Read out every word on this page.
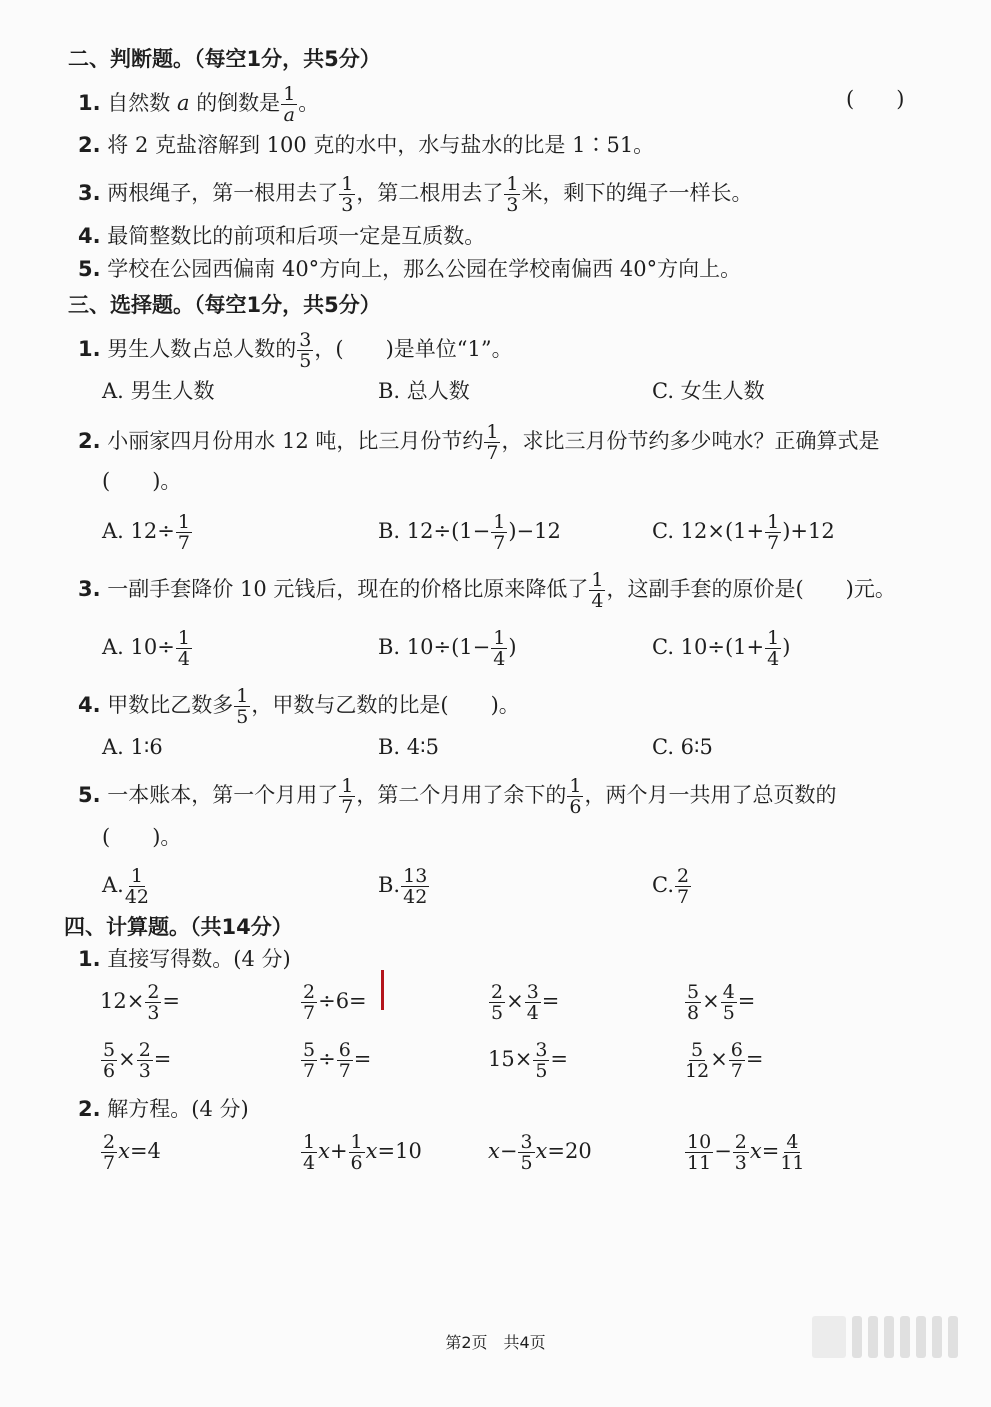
二、判断题。（每空1分，共5分）
1. 自然数 a 的倒数是 $\frac{1}{a}$ 。	(　　)
2. 将 2 克盐溶解到 100 克的水中，水与盐水的比是 1∶51。
3. 两根绳子，第一根用去了 $\frac{1}{3}$ ，第二根用去了 $\frac{1}{3}$ 米，剩下的绳子一样长。
4. 最简整数比的前项和后项一定是互质数。
5. 学校在公园西偏南 40°方向上，那么公园在学校南偏西 40°方向上。
三、选择题。（每空1分，共5分）
1. 男生人数占总人数的 $\frac{3}{5}$ ，(　　)是单位“1”。
A. 男生人数	B. 总人数	C. 女生人数
2. 小丽家四月份用水 12 吨，比三月份节约 $\frac{1}{7}$ ，求比三月份节约多少吨水？正确算式是
(　　)。
A. $12\div \frac{1}{7}$	B. $12\div(1- \frac{1}{7} )-12$	C. $12\times(1+ \frac{1}{7} )+12$
3. 一副手套降价 10 元钱后，现在的价格比原来降低了 $\frac{1}{4}$ ，这副手套的原价是(　　)元。
A. $10\div \frac{1}{4}$	B. $10\div(1- \frac{1}{4}$ )	C. $10\div(1+ \frac{1}{4}$ )
4. 甲数比乙数多 $\frac{1}{5}$ ，甲数与乙数的比是(　　)。
A. 1∶6	B. 4∶5	C. 6∶5
5. 一本账本，第一个月用了 $\frac{1}{7}$ ，第二个月用了余下的 $\frac{1}{6}$ ，两个月一共用了总页数的
(　　)。
A. $\frac{1}{42}$	B. $\frac{13}{42}$	C. $\frac{2}{7}$
四、计算题。（共14分）
1. 直接写得数。(4 分)
$12\times \frac{2}{3}$ =	$\frac{2}{7} \div 6=$	$\frac{2}{5} \times \frac{3}{4}$ =	$\frac{5}{8} \times \frac{4}{5}$ =
$\frac{5}{6} \times \frac{2}{3}$ =	$\frac{5}{7} \div \frac{6}{7}$ =	$15\times \frac{3}{5}$ =	$\frac{5}{12} \times \frac{6}{7}$ =
2. 解方程。(4 分)
$\frac{2}{7} x=4$	$\frac{1}{4} x+ \frac{1}{6} x=10$	$x- \frac{3}{5} x=20$	$\frac{10}{11} - \frac{2}{3} x= \frac{4}{11}$
第2页　共4页
